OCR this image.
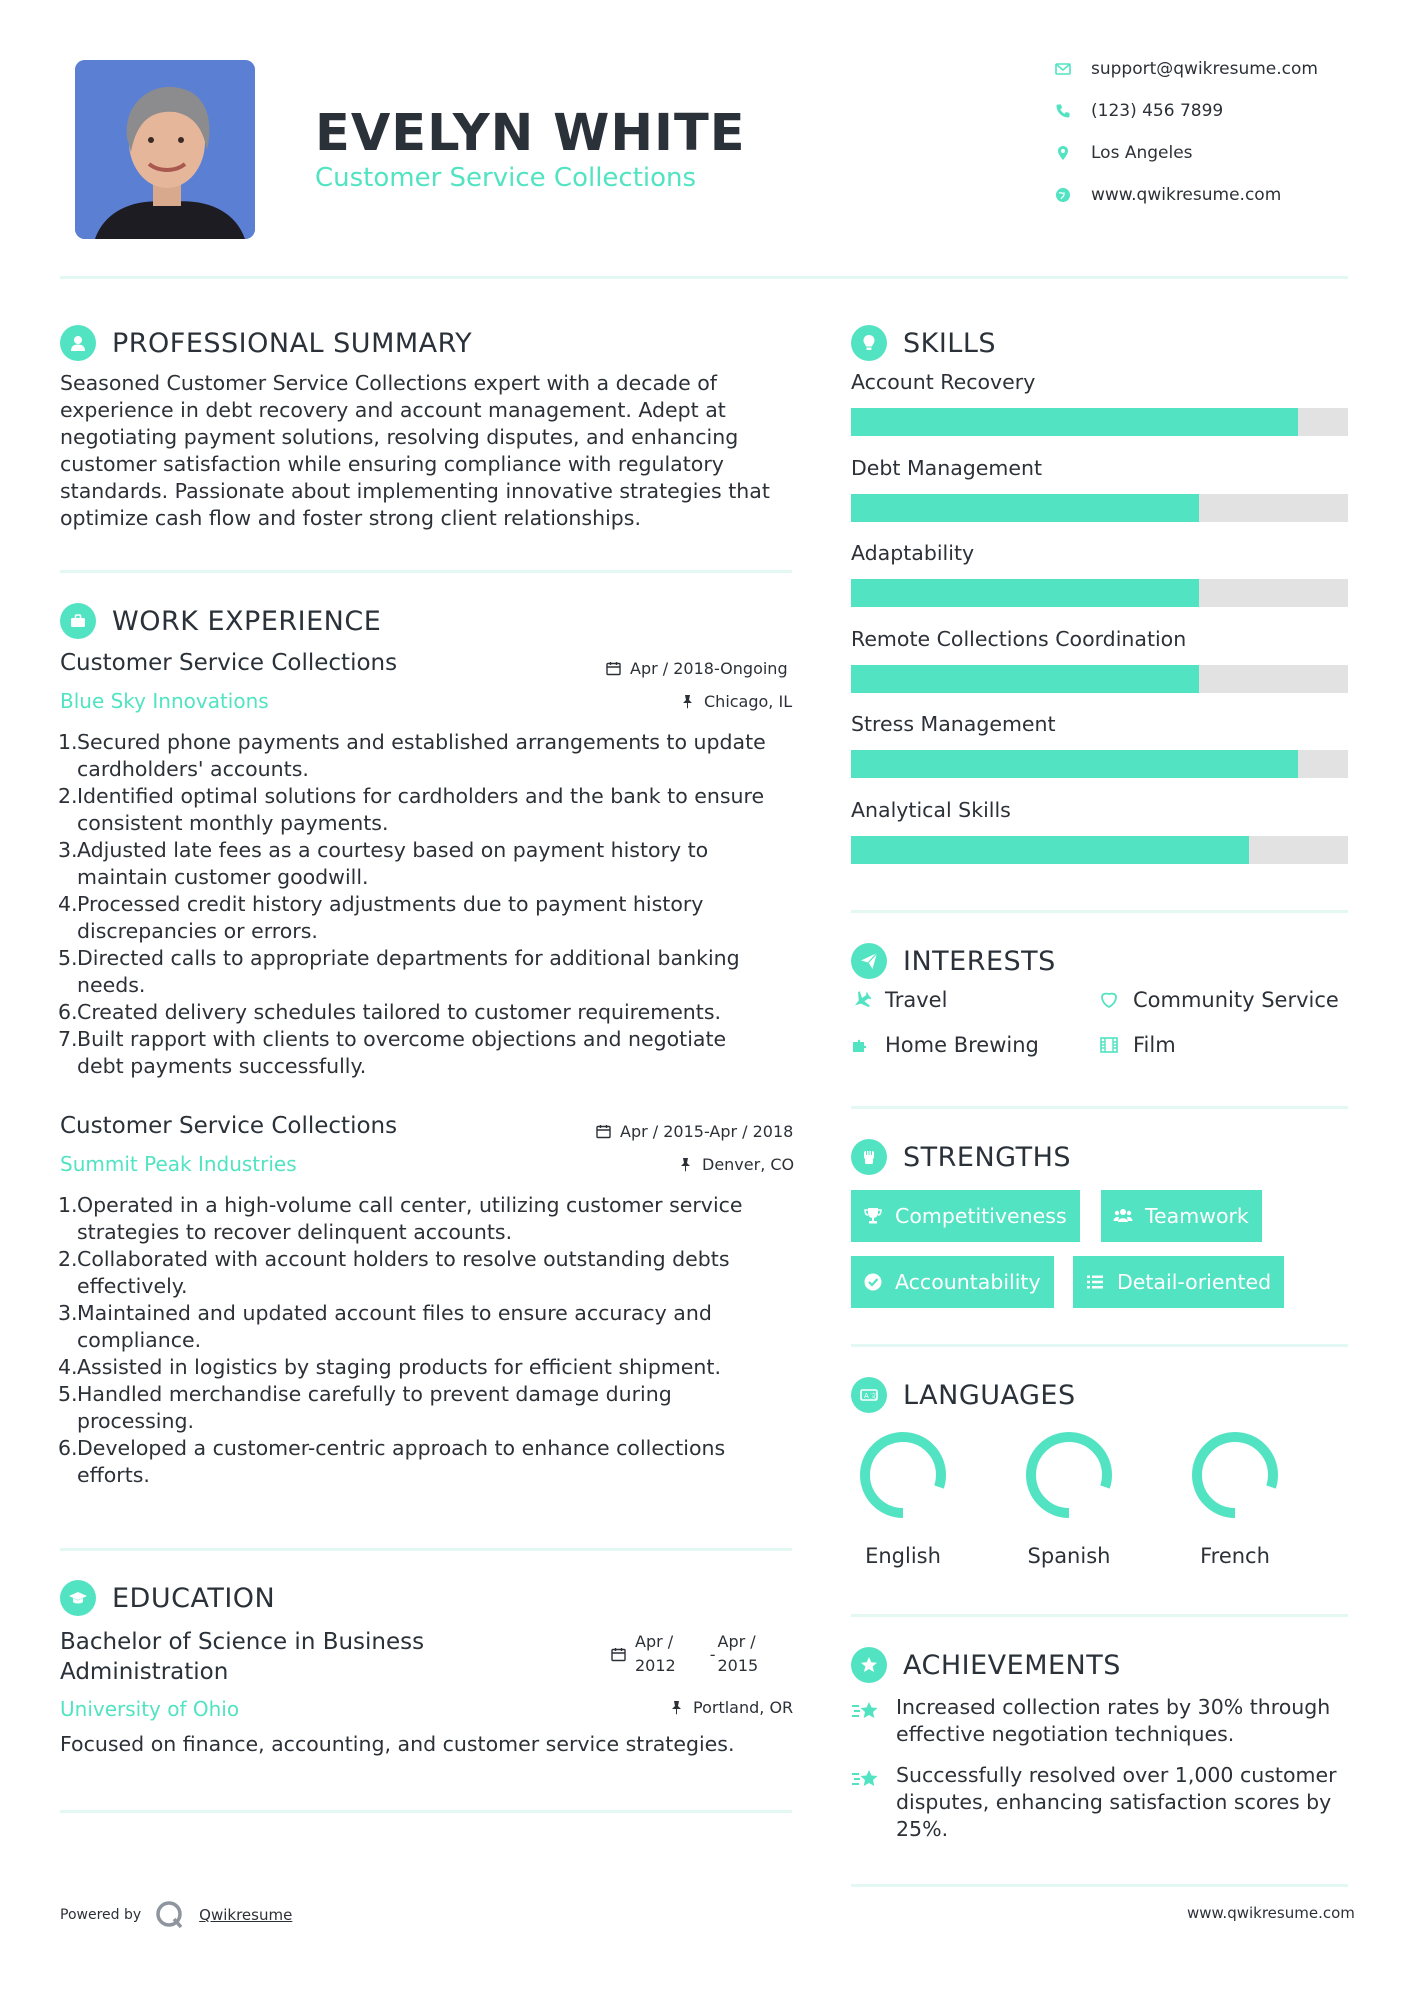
EVELYN WHITE
Customer Service Collections
support@qwikresume.com
(123) 456 7899
Los Angeles
www.qwikresume.com
PROFESSIONAL SUMMARY
Seasoned Customer Service Collections expert with a decade of experience in debt recovery and account management. Adept at negotiating payment solutions, resolving disputes, and enhancing customer satisfaction while ensuring compliance with regulatory standards. Passionate about implementing innovative strategies that optimize cash flow and foster strong client relationships.
WORK EXPERIENCE
Customer Service Collections	Apr / 2018-Ongoing
Blue Sky Innovations	Chicago, IL
1. Secured phone payments and established arrangements to update
cardholders' accounts.
2. Identified optimal solutions for cardholders and the bank to ensure
consistent monthly payments.
3. Adjusted late fees as a courtesy based on payment history to
maintain customer goodwill.
4. Processed credit history adjustments due to payment history
discrepancies or errors.
5. Directed calls to appropriate departments for additional banking
needs.
6. Created delivery schedules tailored to customer requirements.
7. Built rapport with clients to overcome objections and negotiate
debt payments successfully.
Customer Service Collections	Apr / 2015-Apr / 2018
Summit Peak Industries	Denver, CO
1. Operated in a high-volume call center, utilizing customer service
strategies to recover delinquent accounts.
2. Collaborated with account holders to resolve outstanding debts
effectively.
3. Maintained and updated account files to ensure accuracy and
compliance.
4. Assisted in logistics by staging products for efficient shipment.
5. Handled merchandise carefully to prevent damage during
processing.
6. Developed a customer-centric approach to enhance collections
efforts.
EDUCATION
Bachelor of Science in Business
Administration
Apr /
2012
-
Apr /
2015
University of Ohio	Portland, OR
Focused on finance, accounting, and customer service strategies.
SKILLS
Account Recovery
Debt Management
Adaptability
Remote Collections Coordination
Stress Management
Analytical Skills
INTERESTS
Travel	Community Service
Home Brewing	Film
STRENGTHS
Competitiveness	Teamwork
Accountability	Detail-oriented
A 文 LANGUAGES
English	Spanish	French
ACHIEVEMENTS
Increased collection rates by 30% through
effective negotiation techniques.
Successfully resolved over 1,000 customer
disputes, enhancing satisfaction scores by
25%.
Powered by	Qwikresume	www.qwikresume.com
